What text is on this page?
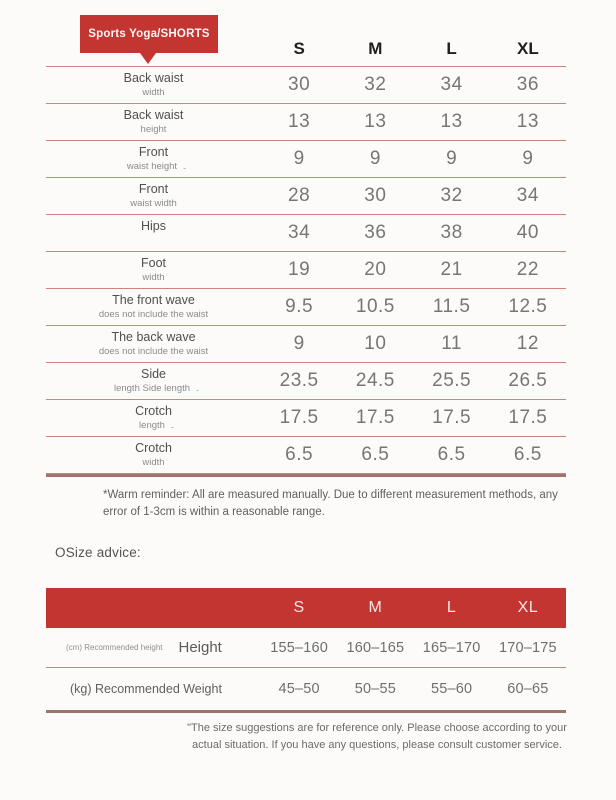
Sports Yoga/SHORTS
S	M	L	XL
Back waist
width	30	32	34	36
Back waist
height	13	13	13	13
Front
waist height -	9	9	9	9
Front
waist width	28	30	32	34
Hips	34	36	38	40
Foot
width	19	20	21	22
The front wave
does not include the waist	9.5	10.5	11.5	12.5
The back wave
does not include the waist	9	10	11	12
Side
length Side length -	23.5	24.5	25.5	26.5
Crotch
length -	17.5	17.5	17.5	17.5
Crotch
width	6.5	6.5	6.5	6.5
*Warm reminder: All are measured manually. Due to different measurement methods, any error of 1-3cm is within a reasonable range.
OSize advice:
S	M	L	XL
(cm) Recommended height Height	155–160	160–165	165–170	170–175
(kg) Recommended Weight	45–50	50–55	55–60	60–65
"The size suggestions are for reference only. Please choose according to your actual situation. If you have any questions, please consult customer service.
